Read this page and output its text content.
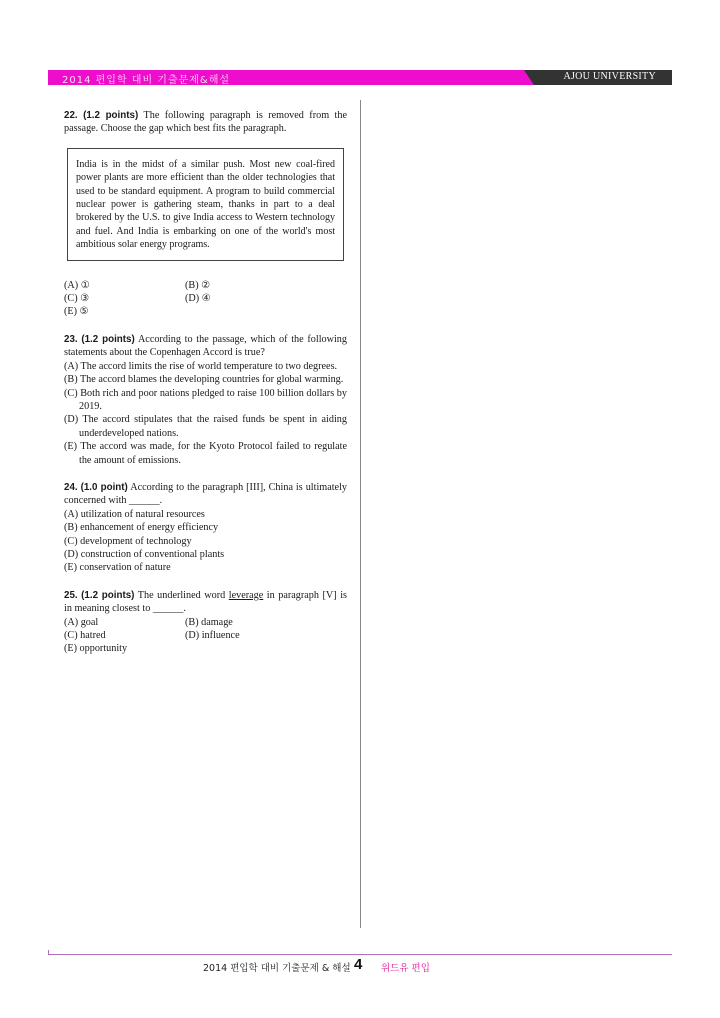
2014 편입학 대비 기출문제&해설	AJOU UNIVERSITY

22. (1.2 points) The following paragraph is removed from the passage. Choose the gap which best fits the paragraph.

India is in the midst of a similar push. Most new coal-fired power plants are more efficient than the older technologies that used to be standard equipment. A program to build commercial nuclear power is gathering steam, thanks in part to a deal brokered by the U.S. to give India access to Western technology and fuel. And India is embarking on one of the world's most ambitious solar energy programs.
(A) ①	(B) ②
(C) ③	(D) ④
(E) ⑤

23. (1.2 points) According to the passage, which of the following statements about the Copenhagen Accord is true?

(A) The accord limits the rise of world temperature to two degrees.
(B) The accord blames the developing countries for global warming.
(C) Both rich and poor nations pledged to raise 100 billion dollars by 2019.
(D) The accord stipulates that the raised funds be spent in aiding underdeveloped nations.
(E) The accord was made, for the Kyoto Protocol failed to regulate the amount of emissions.

24. (1.0 point) According to the paragraph [III], China is ultimately concerned with ______.

(A) utilization of natural resources
(B) enhancement of energy efficiency
(C) development of technology
(D) construction of conventional plants
(E) conservation of nature

25. (1.2 points) The underlined word leverage in paragraph [V] is in meaning closest to ______.

(A) goal	(B) damage
(C) hatred	(D) influence
(E) opportunity
2014 편입학 대비 기출문제 & 해설 4 위드유 편입
